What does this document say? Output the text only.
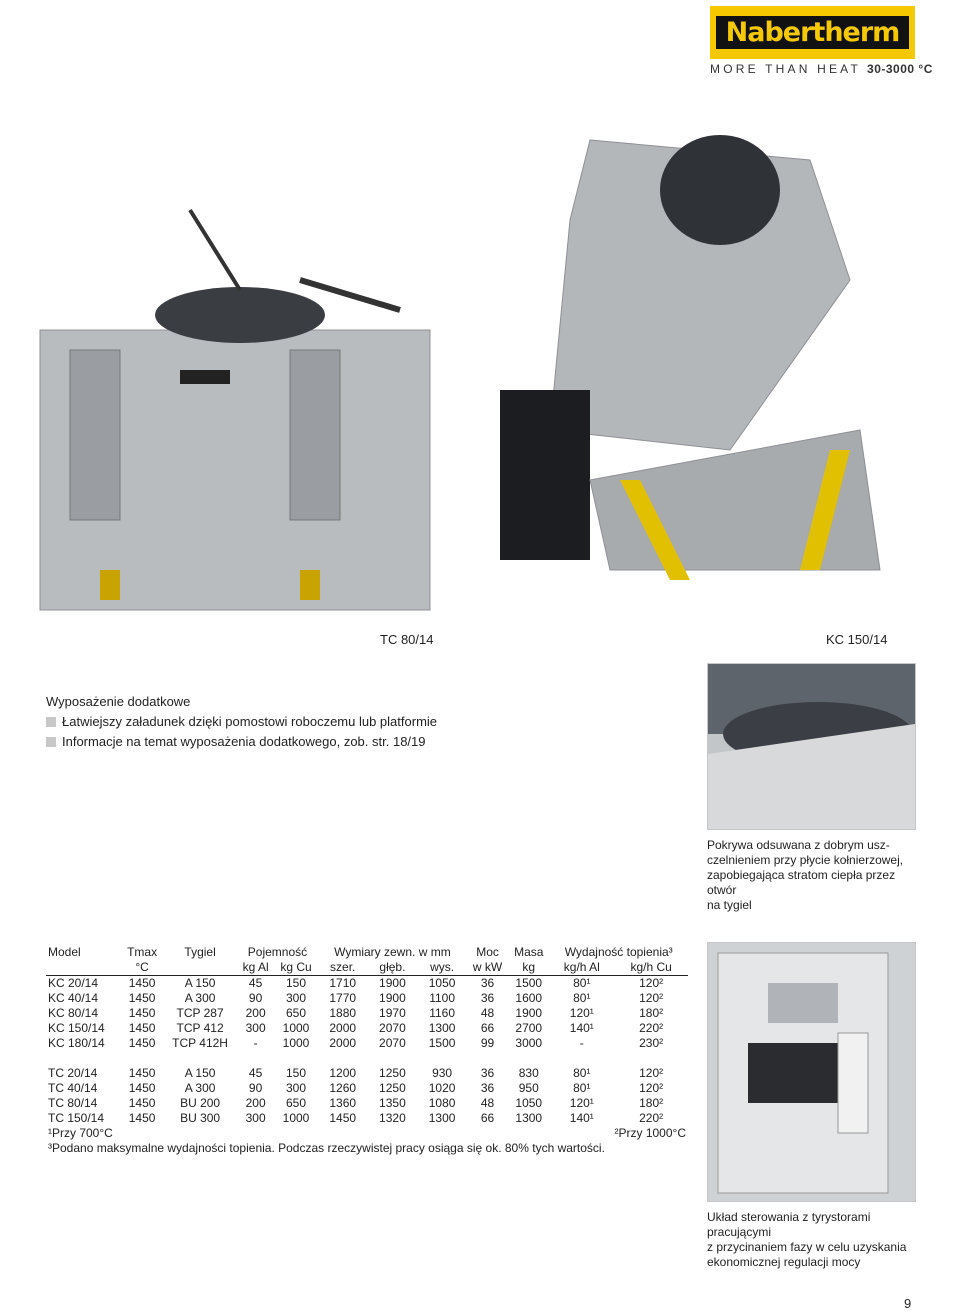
Nabertherm
MORE THAN HEAT 30-3000 °C
TC 80/14	KC 150/14
Wyposażenie dodatkowe
Łatwiejszy załadunek dzięki pomostowi roboczemu lub platformie
Informacje na temat wyposażenia dodatkowego, zob. str. 18/19
Pokrywa odsuwana z dobrym usz-
czelnieniem przy płycie kołnierzowej,
zapobiegająca stratom ciepła przez otwór
na tygiel
Model	Tmax	Tygiel	Pojemność		Wymiary zewn. w mm			Moc	Masa	Wydajność topienia³	
	°C		kg Al	kg Cu	szer.	głęb.	wys.	w kW	kg	kg/h Al	kg/h Cu
KC 20/14	1450	A 150	45	150	1710	1900	1050	36	1500	80¹	120²
KC 40/14	1450	A 300	90	300	1770	1900	1100	36	1600	80¹	120²
KC 80/14	1450	TCP 287	200	650	1880	1970	1160	48	1900	120¹	180²
KC 150/14	1450	TCP 412	300	1000	2000	2070	1300	66	2700	140¹	220²
KC 180/14	1450	TCP 412H	-	1000	2000	2070	1500	99	3000	-	230²

TC 20/14	1450	A 150	45	150	1200	1250	930	36	830	80¹	120²
TC 40/14	1450	A 300	90	300	1260	1250	1020	36	950	80¹	120²
TC 80/14	1450	BU 200	200	650	1360	1350	1080	48	1050	120¹	180²
TC 150/14	1450	BU 300	300	1000	1450	1320	1300	66	1300	140¹	220²
¹Przy 700°C						²Przy 1000°C					
³Podano maksymalne wydajności topienia. Podczas rzeczywistej pracy osiąga się ok. 80% tych wartości.											
Układ sterowania z tyrystorami pracującymi
z przycinaniem fazy w celu uzyskania
ekonomicznej regulacji mocy
9
